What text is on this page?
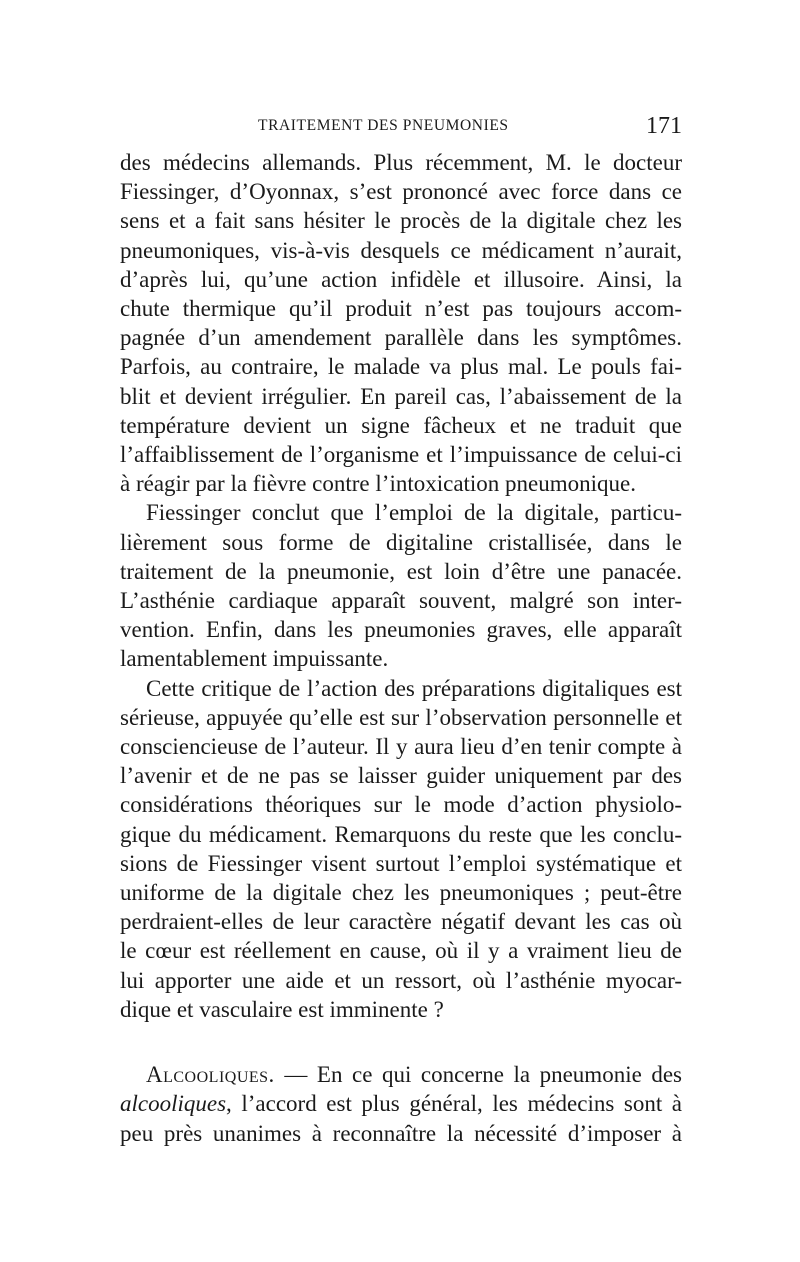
TRAITEMENT DES PNEUMONIES	171

des médecins allemands. Plus récemment, M. le docteur
Fiessinger, d’Oyonnax, s’est prononcé avec force dans ce
sens et a fait sans hésiter le procès de la digitale chez les
pneumoniques, vis-à-vis desquels ce médicament n’aurait,
d’après lui, qu’une action infidèle et illusoire. Ainsi, la
chute thermique qu’il produit n’est pas toujours accom-
pagnée d’un amendement parallèle dans les symptômes.
Parfois, au contraire, le malade va plus mal. Le pouls fai-
blit et devient irrégulier. En pareil cas, l’abaissement de la
température devient un signe fâcheux et ne traduit que
l’affaiblissement de l’organisme et l’impuissance de celui-ci
à réagir par la fièvre contre l’intoxication pneumonique.

Fiessinger conclut que l’emploi de la digitale, particu-
lièrement sous forme de digitaline cristallisée, dans le
traitement de la pneumonie, est loin d’être une panacée.
L’asthénie cardiaque apparaît souvent, malgré son inter-
vention. Enfin, dans les pneumonies graves, elle apparaît
lamentablement impuissante.

Cette critique de l’action des préparations digitaliques est
sérieuse, appuyée qu’elle est sur l’observation personnelle et
consciencieuse de l’auteur. Il y aura lieu d’en tenir compte à
l’avenir et de ne pas se laisser guider uniquement par des
considérations théoriques sur le mode d’action physiolo-
gique du médicament. Remarquons du reste que les conclu-
sions de Fiessinger visent surtout l’emploi systématique et
uniforme de la digitale chez les pneumoniques ; peut-être
perdraient-elles de leur caractère négatif devant les cas où
le cœur est réellement en cause, où il y a vraiment lieu de
lui apporter une aide et un ressort, où l’asthénie myocar-
dique et vasculaire est imminente ?

Alcooliques. — En ce qui concerne la pneumonie des
alcooliques, l’accord est plus général, les médecins sont à
peu près unanimes à reconnaître la nécessité d’imposer à
